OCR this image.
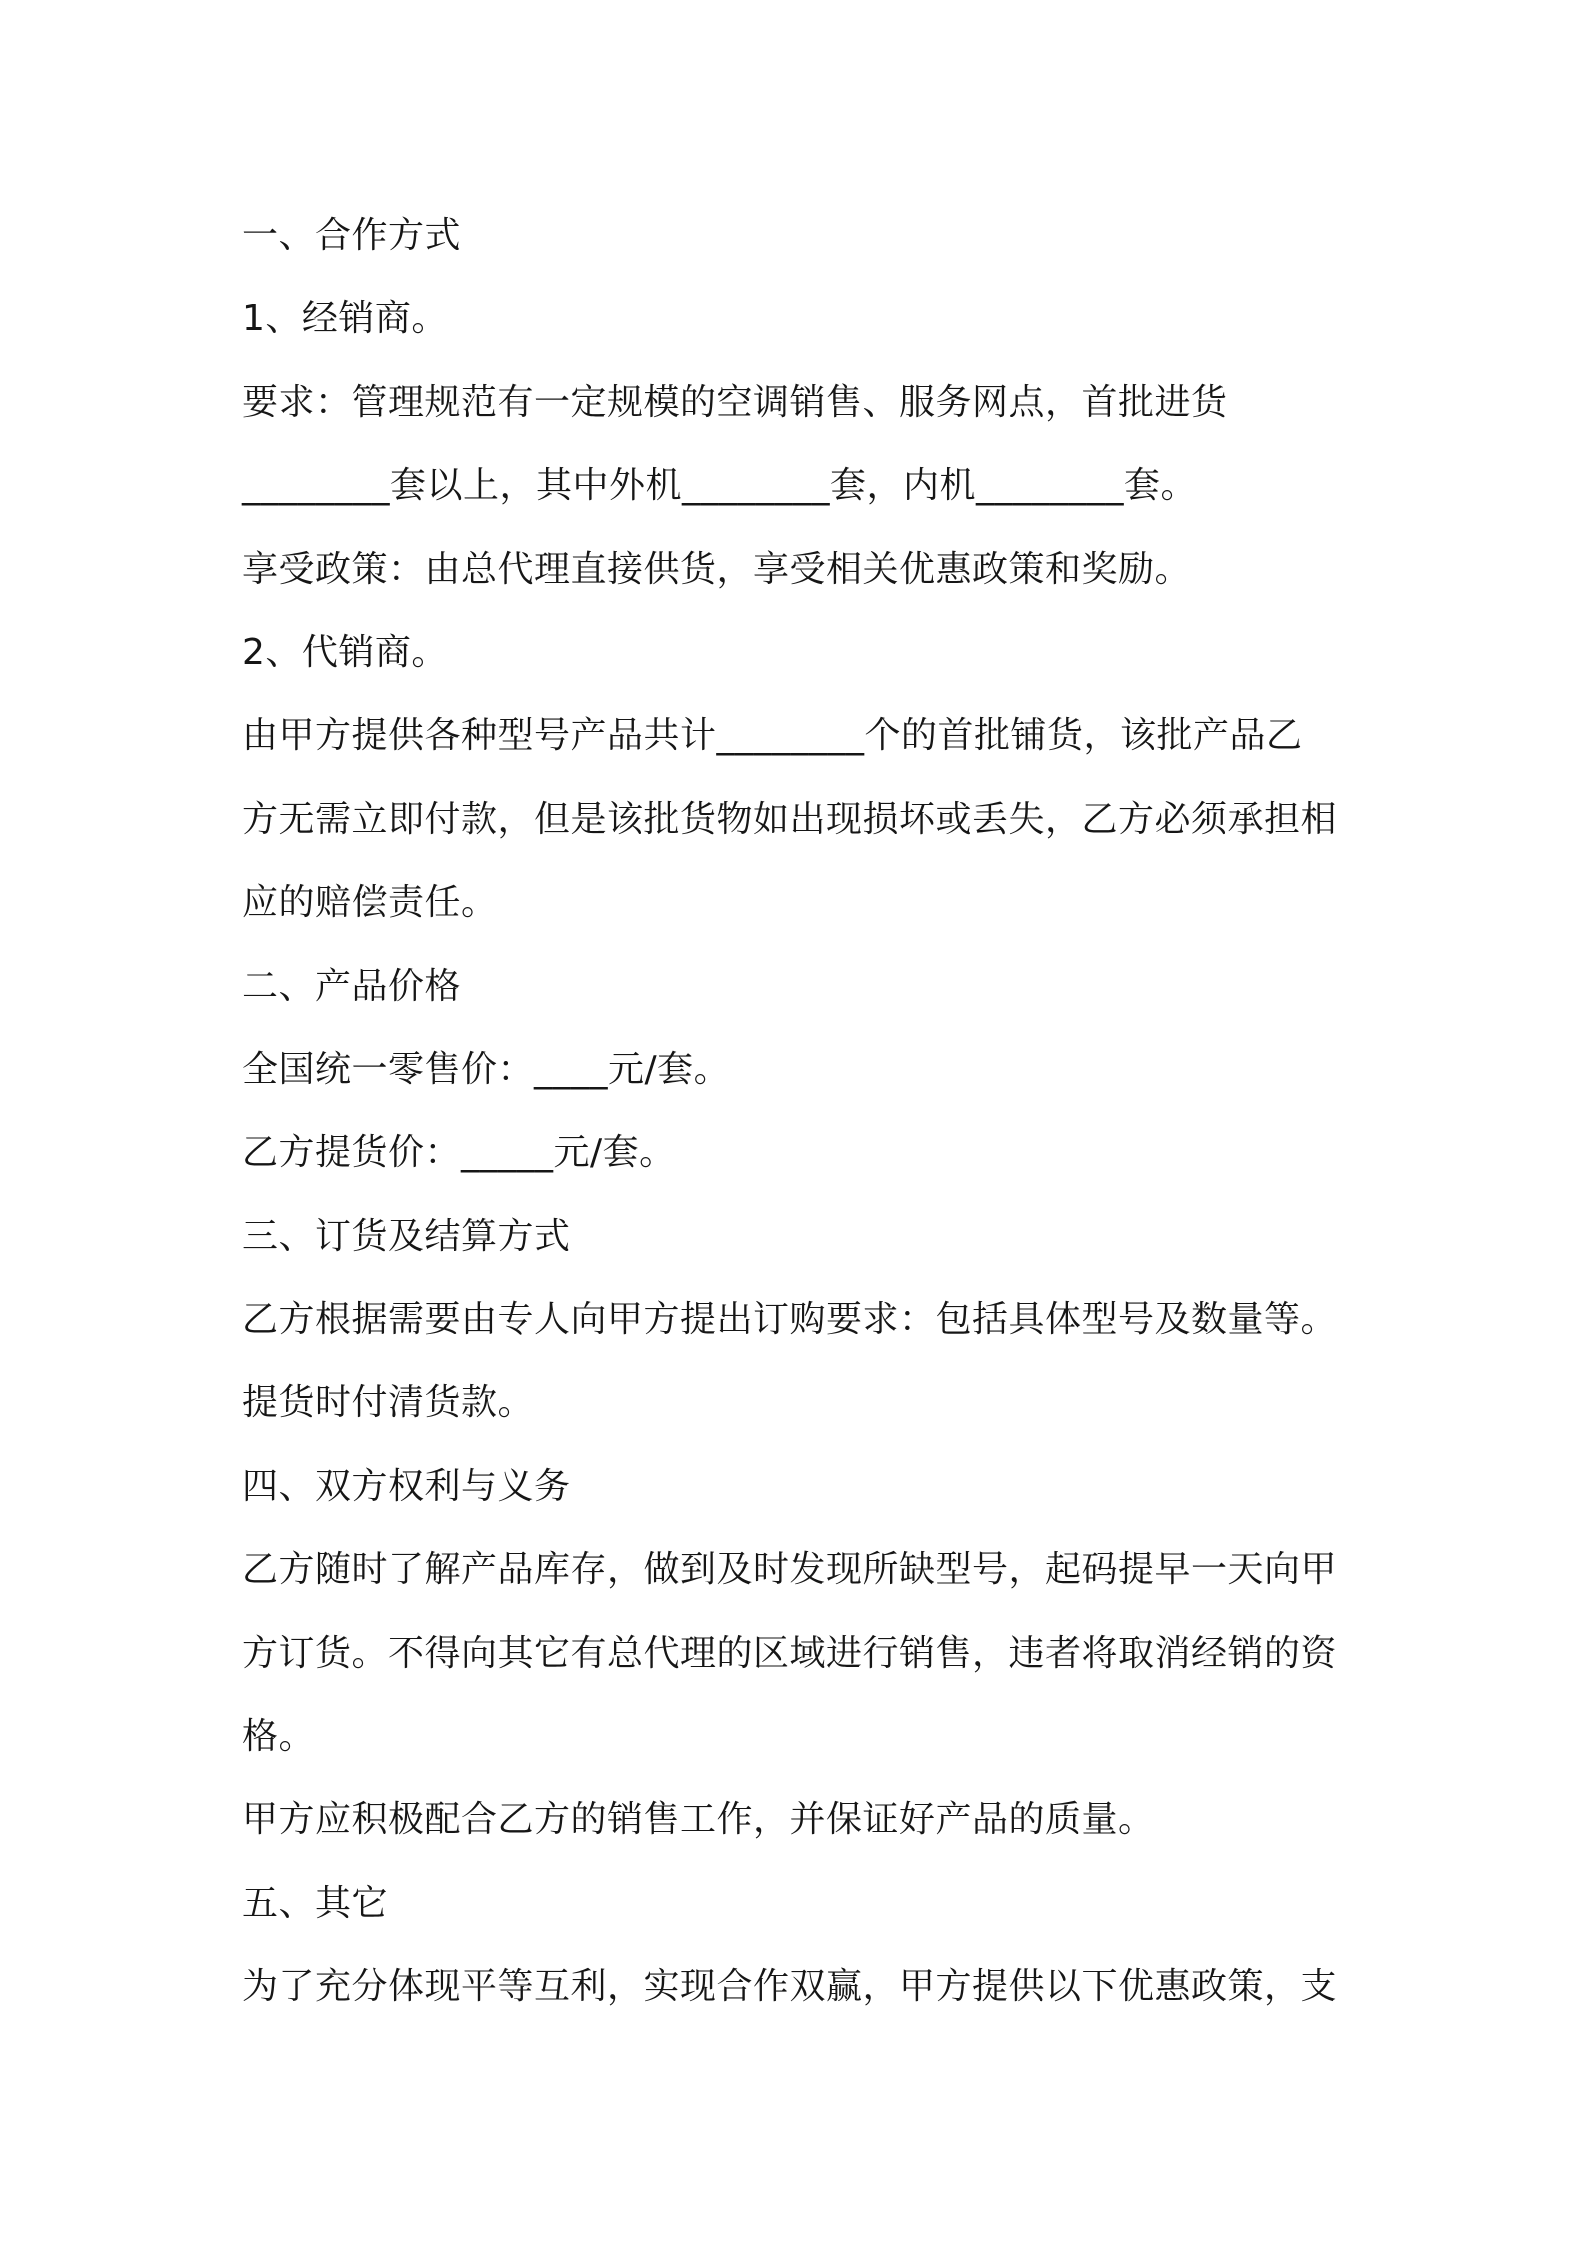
一、合作方式
1、经销商。
要求：管理规范有一定规模的空调销售、服务网点，首批进货
________套以上，其中外机________套，内机________套。
享受政策：由总代理直接供货，享受相关优惠政策和奖励。
2、代销商。
由甲方提供各种型号产品共计________个的首批铺货，该批产品乙
方无需立即付款，但是该批货物如出现损坏或丢失，乙方必须承担相
应的赔偿责任。
二、产品价格
全国统一零售价：____元/套。
乙方提货价：_____元/套。
三、订货及结算方式
乙方根据需要由专人向甲方提出订购要求：包括具体型号及数量等。
提货时付清货款。
四、双方权利与义务
乙方随时了解产品库存，做到及时发现所缺型号，起码提早一天向甲
方订货。不得向其它有总代理的区域进行销售，违者将取消经销的资
格。
甲方应积极配合乙方的销售工作，并保证好产品的质量。
五、其它
为了充分体现平等互利，实现合作双赢，甲方提供以下优惠政策，支
